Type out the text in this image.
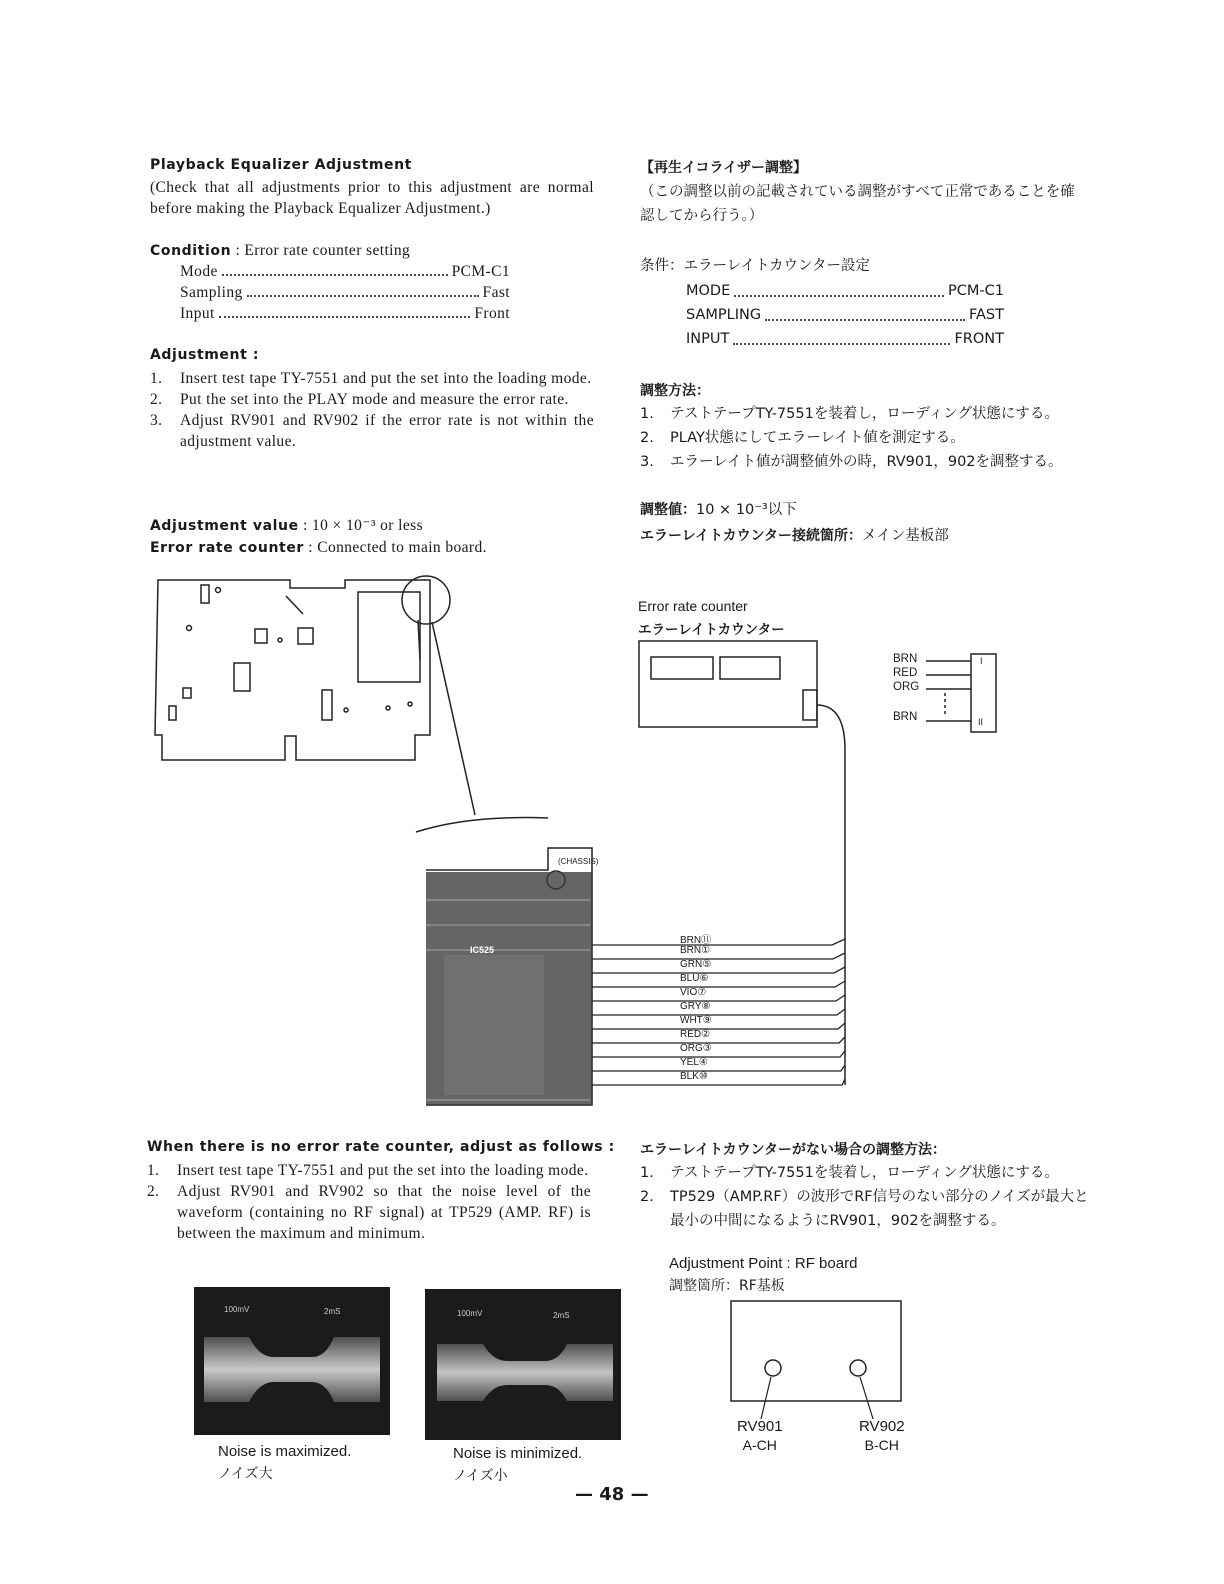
Playback Equalizer Adjustment
(Check that all adjustments prior to this adjustment are normal before making the Playback Equalizer Adjustment.)
Condition : Error rate counter setting
Mode	PCM-C1
Sampling	Fast
Input	Front
Adjustment :
1.	Insert test tape TY-7551 and put the set into the loading mode.
2.	Put the set into the PLAY mode and measure the error rate.
3.	Adjust RV901 and RV902 if the error rate is not within the adjustment value.
Adjustment value : 10 × 10⁻³ or less
Error rate counter : Connected to main board.
【再生イコライザー調整】
（この調整以前の記載されている調整がすべて正常であることを確認してから行う。）
条件：エラーレイトカウンター設定
MODE	PCM-C1
SAMPLING	FAST
INPUT	FRONT
調整方法：
1.	テストテープTY-7551を装着し，ローディング状態にする。
2.	PLAY状態にしてエラーレイト値を測定する。
3.	エラーレイト値が調整値外の時，RV901，902を調整する。
調整値：10 × 10⁻³以下
エラーレイトカウンター接続箇所：メイン基板部
Error rate counter
エラーレイトカウンター
BRN
RED
ORG
BRN
I
II
(CHASSIS)
IC525
BRN⑪
BRN①
GRN⑤
BLU⑥
VIO⑦
GRY⑧
WHT⑨
RED②
ORG③
YEL④
BLK⑩
When there is no error rate counter, adjust as follows :
1.	Insert test tape TY-7551 and put the set into the loading mode.
2.	Adjust RV901 and RV902 so that the noise level of the waveform (containing no RF signal) at TP529 (AMP. RF) is between the maximum and minimum.
エラーレイトカウンターがない場合の調整方法：
1.	テストテープTY-7551を装着し，ローディング状態にする。
2.	TP529（AMP.RF）の波形でRF信号のない部分のノイズが最大と最小の中間になるようにRV901，902を調整する。
Adjustment Point : RF board
調整箇所：RF基板
RV901
A-CH
RV902
B-CH
100mV	2mS	100mV	2mS
Noise is maximized.
ノイズ大
Noise is minimized.
ノイズ小
— 48 —
